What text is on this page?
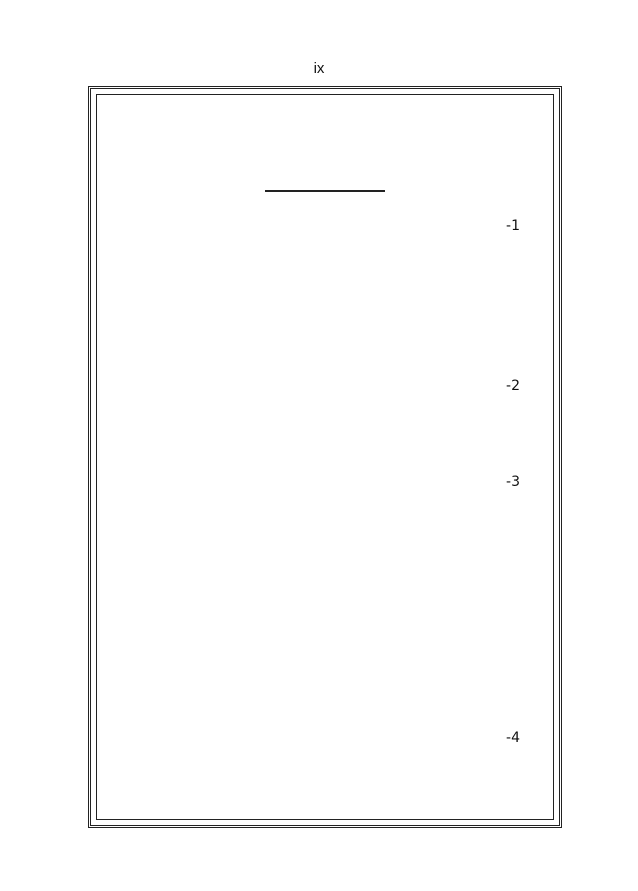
ix
1-
2-
3-
4-
